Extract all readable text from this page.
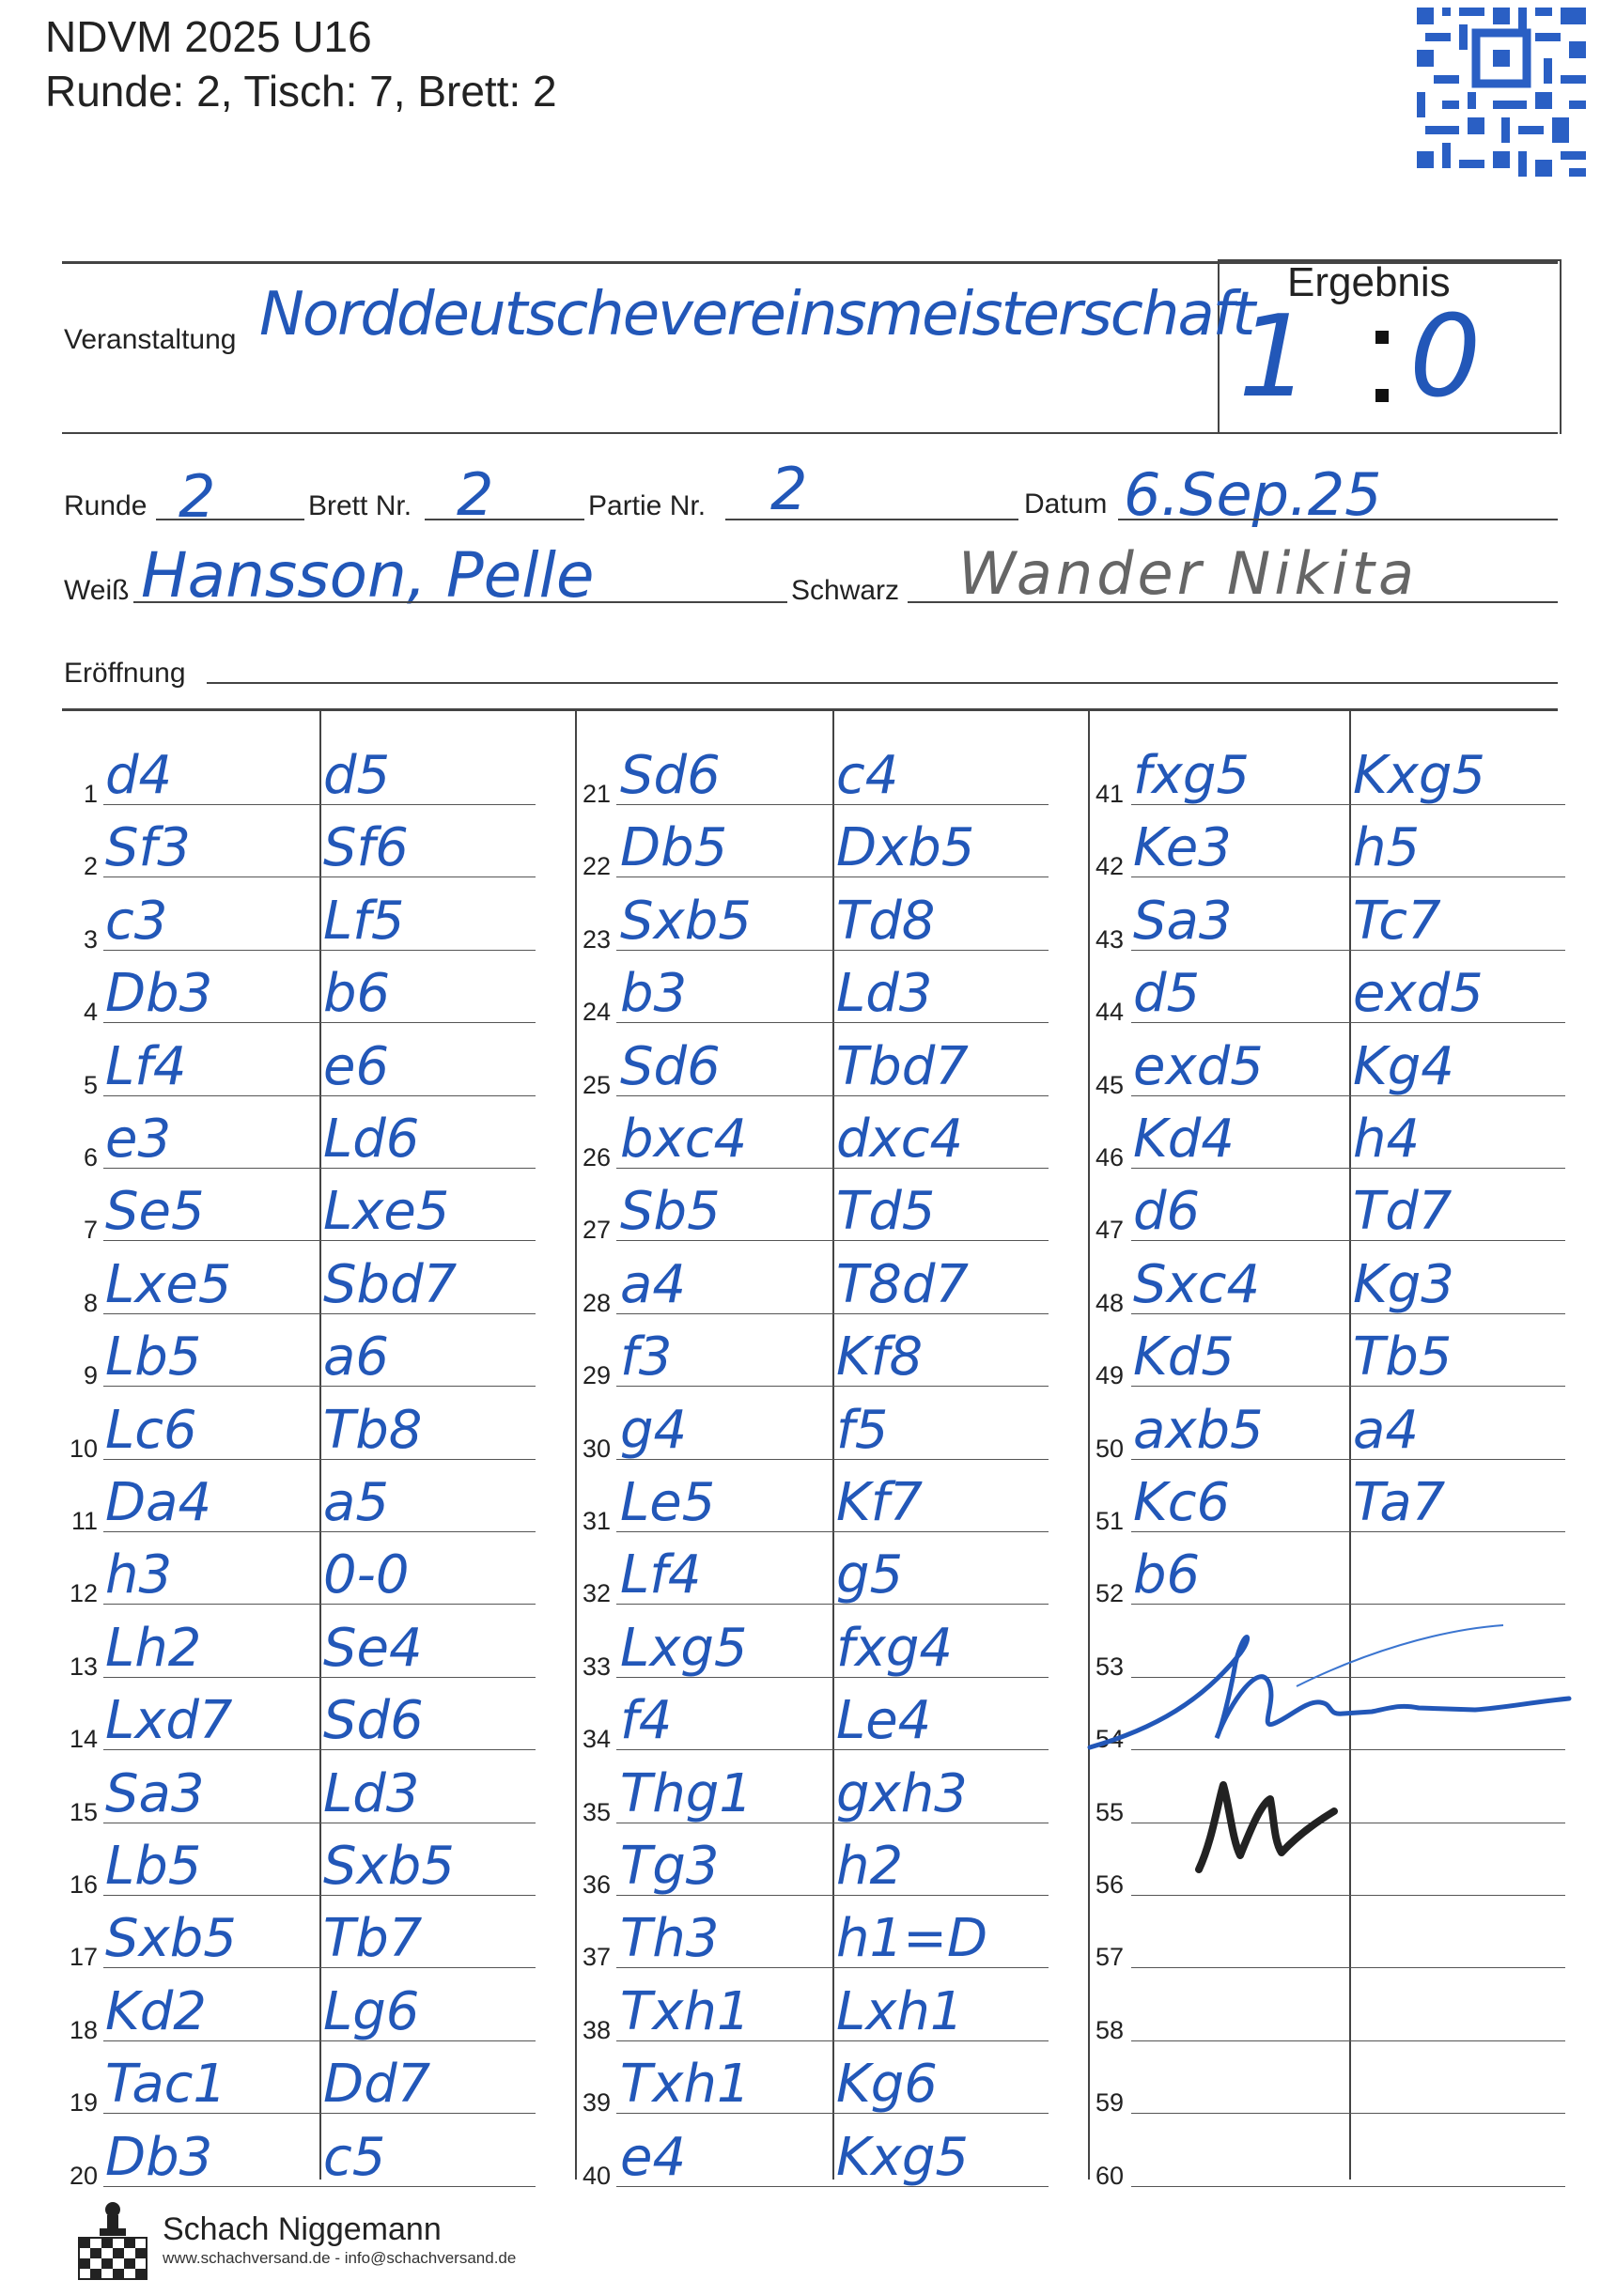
NDVM 2025 U16
Runde: 2, Tisch: 7, Brett: 2
Ergebnis
1 0
Veranstaltung Norddeutschevereinsmeisterschaft
Runde 2	Brett Nr. 2	Partie Nr. 2	Datum 6.Sep.25
Weiß Hansson, Pelle	Schwarz Wander Nikita
Eröffnung
1 d4	d5
2 Sf3	Sf6
3 c3	Lf5
4 Db3 b6
5 Lf4	e6
6 e3	Ld6
7 Se5 Lxe5
8 Lxe5 Sbd7
9 Lb5 a6
10 Lc6 Tb8
11 Da4 a5
12 h3	0-0
13 Lh2 Se4
14 Lxd7 Sd6
15 Sa3 Ld3
16 Lb5 Sxb5
17 Sxb5 Tb7
18 Kd2 Lg6
19 Tac1 Dd7
20 Db3 c5
21 Sd6 c4
22 Db5 Dxb5
23 Sxb5 Td8
24 b3	Ld3
25 Sd6 Tbd7
26 bxc4 dxc4
27 Sb5 Td5
28 a4	T8d7
29 f3	Kf8
30 g4	f5
31 Le5 Kf7
32 Lf4	g5
33 Lxg5 fxg4
34 f4	Le4
35 Thg1 gxh3
36 Tg3 h2
37 Th3 h1=D
38 Txh1 Lxh1
39 Txh1 Kg6
40 e4	Kxg5
41 fxg5 Kxg5
42 Ke3 h5
43 Sa3 Tc7
44 d5	exd5
45 exd5 Kg4
46 Kd4 h4
47 d6	Td7
48 Sxc4 Kg3
49 Kd5 Tb5
50 axb5 a4
51 Kc6 Ta7
52 b6
53
54
55
56
57
58
59
60
Schach Niggemann
www.schachversand.de - info@schachversand.de
